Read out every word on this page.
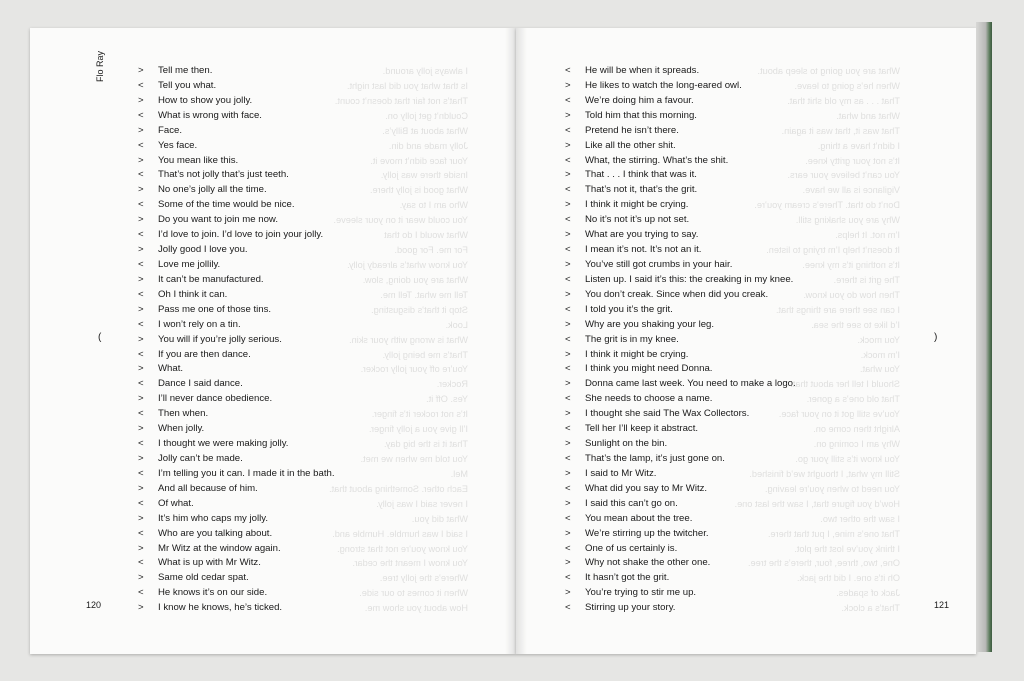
I always jolly around.
Is that what you did last night.
That’s not fair that doesn’t count.
Couldn’t get jolly on.
What about at Billy’s.
Jolly made and din.
Your face didn’t move it.
Inside there was jolly.
What good is jolly there.
Who am I to say.
You could wear it on your sleeve.
What would I do that
For me. For good.
You know what’s already jolly.
What are you doing, slow.
Tell me what. Tell me.
Stop it that’s disgusting.
Look.
What is wrong with your skin.
That’s me being jolly.
You’re off your jolly rocker.
Rocker.
Yes. Off it.
It’s not rocker it’s finger.
I’ll give you a jolly finger.
That it is the big day.
You told me when we met.
Mel.
Each other. Something about that.
I never said I was jolly.
What did you.
I said I was humble. Humble and.
You know you’re not that strong.
You know I meant the cedar.
Where’s the jolly tree.
When it comes to our side.
How about you show me.
What are you going to sleep about.
When he’s going to leave.
That . . . as my old shit that.
What and what.
That was it, that was it again.
I didn’t have a thing.
It’s not your gritty knee.
You can’t believe your ears.
Vigilance is all we have.
Don’t do that. There’s cream you’re.
Why are you shaking still.
I’m not. It helps.
It doesn’t help I’m trying to listen.
It’s nothing it’s my knee.
The grit is there.
Then how do you know.
I can see there are things that.
I’d like to see the sea.
You mock.
I’m mock.
You what.
Should I tell her about that.
That old one’s a goner.
You’ve still got it on your face.
Alright then come on.
Why am I coming on.
You know it’s still your go.
Still my what, I thought we’d finished.
You need to when you’re leaving.
How’d you figure that, I saw the last one.
I saw the other two.
That one’s mine, I put that there.
I think you’ve lost the plot.
One, two, three, four, there’s the tree.
Oh it’s one. I did the jack.
Jack of spades.
That’s a clock.
Flo Ray
(	)
>	Tell me then.
<	Tell you what.
>	How to show you jolly.
<	What is wrong with face.
>	Face.
<	Yes face.
>	You mean like this.
<	That’s not jolly that’s just teeth.
>	No one’s jolly all the time.
<	Some of the time would be nice.
>	Do you want to join me now.
<	I’d love to join. I’d love to join your jolly.
>	Jolly good I love you.
<	Love me jollily.
>	It can’t be manufactured.
<	Oh I think it can.
>	Pass me one of those tins.
<	I won’t rely on a tin.
>	You will if you’re jolly serious.
<	If you are then dance.
>	What.
<	Dance I said dance.
>	I’ll never dance obedience.
<	Then when.
>	When jolly.
<	I thought we were making jolly.
>	Jolly can’t be made.
<	I’m telling you it can. I made it in the bath.
>	And all because of him.
<	Of what.
>	It’s him who caps my jolly.
<	Who are you talking about.
>	Mr Witz at the window again.
<	What is up with Mr Witz.
>	Same old cedar spat.
<	He knows it’s on our side.
>	I know he knows, he’s ticked.
<	He will be when it spreads.
>	He likes to watch the long-eared owl.
<	We’re doing him a favour.
>	Told him that this morning.
<	Pretend he isn’t there.
>	Like all the other shit.
<	What, the stirring. What’s the shit.
>	That . . . I think that was it.
<	That’s not it, that’s the grit.
>	I think it might be crying.
<	No it’s not it’s up not set.
>	What are you trying to say.
<	I mean it’s not. It’s not an it.
>	You’ve still got crumbs in your hair.
<	Listen up. I said it’s this: the creaking in my knee.
>	You don’t creak. Since when did you creak.
<	I told you it’s the grit.
>	Why are you shaking your leg.
<	The grit is in my knee.
>	I think it might be crying.
<	I think you might need Donna.
>	Donna came last week. You need to make a logo.
<	She needs to choose a name.
>	I thought she said The Wax Collectors.
<	Tell her I’ll keep it abstract.
>	Sunlight on the bin.
<	That’s the lamp, it’s just gone on.
>	I said to Mr Witz.
<	What did you say to Mr Witz.
>	I said this can’t go on.
<	You mean about the tree.
>	We’re stirring up the twitcher.
<	One of us certainly is.
>	Why not shake the other one.
<	It hasn’t got the grit.
>	You’re trying to stir me up.
<	Stirring up your story.
120	121
